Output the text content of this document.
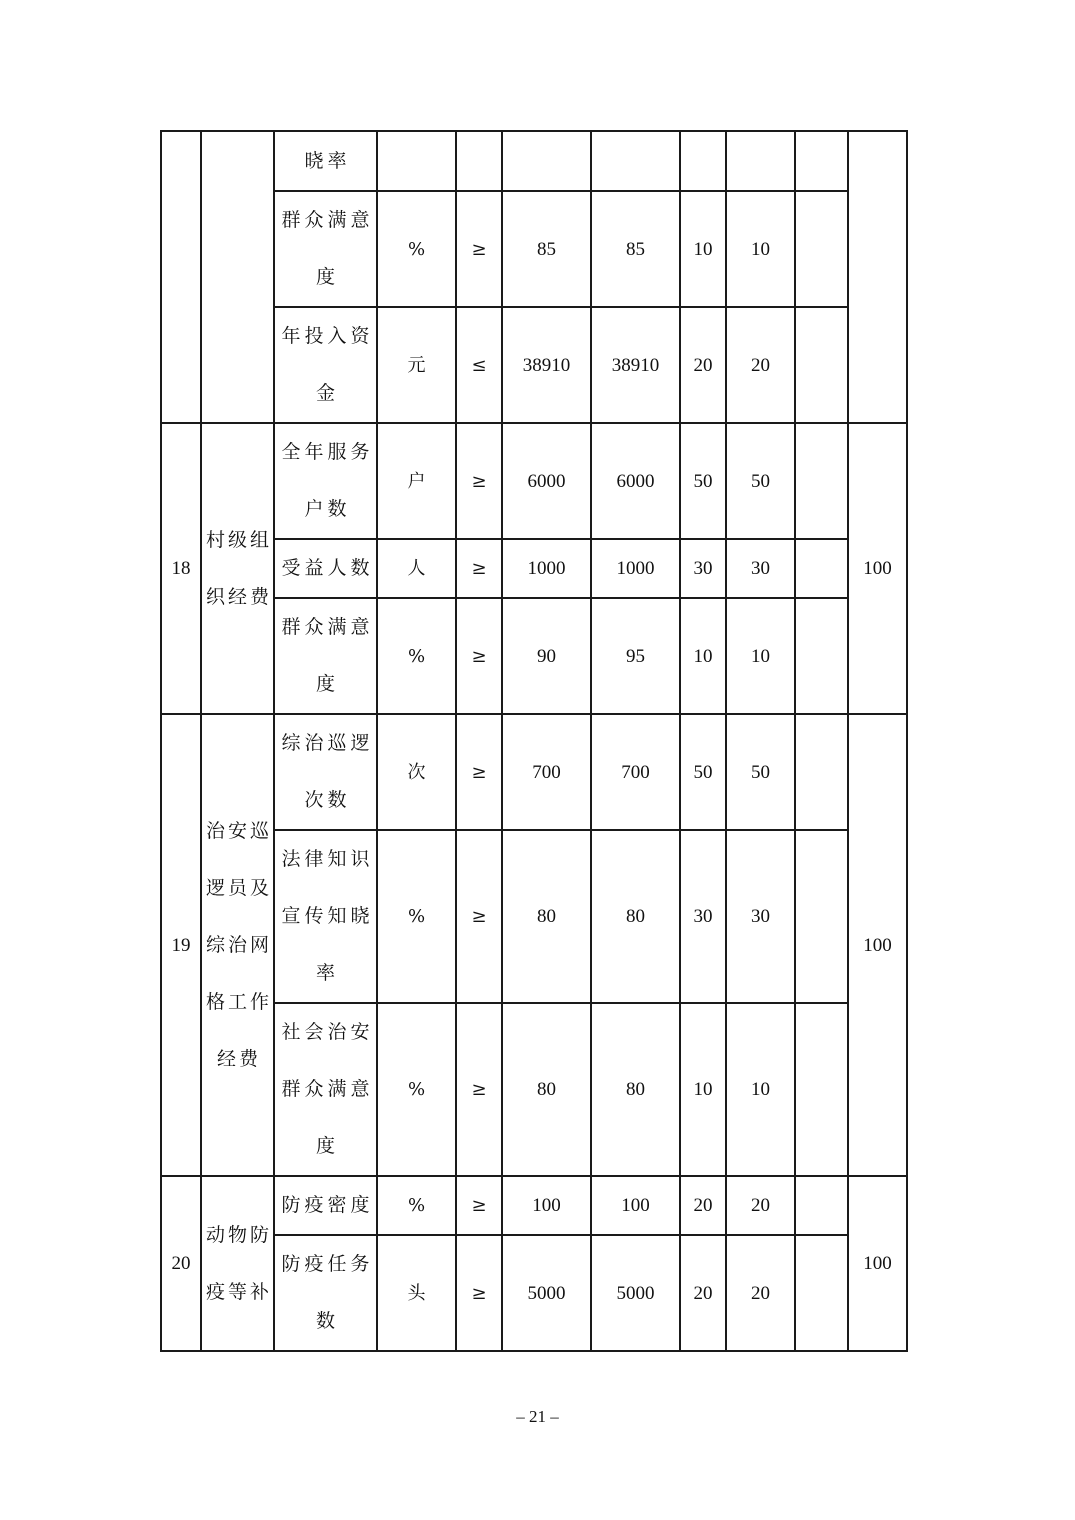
		晓率								
		群众满意度	%	≥	85	85	10	10		
		年投入资金	元	≤	38910	38910	20	20		
18	村级组织经费	全年服务户数	户	≥	6000	6000	50	50		100
		受益人数	人	≥	1000	1000	30	30		
		群众满意度	%	≥	90	95	10	10		
19	治安巡逻员及综治网格工作经费	综治巡逻次数	次	≥	700	700	50	50		100
		法律知识宣传知晓率	%	≥	80	80	30	30		
		社会治安群众满意度	%	≥	80	80	10	10		
20	动物防疫等补	防疫密度	%	≥	100	100	20	20		100
		防疫任务数	头	≥	5000	5000	20	20		
– 21 –
